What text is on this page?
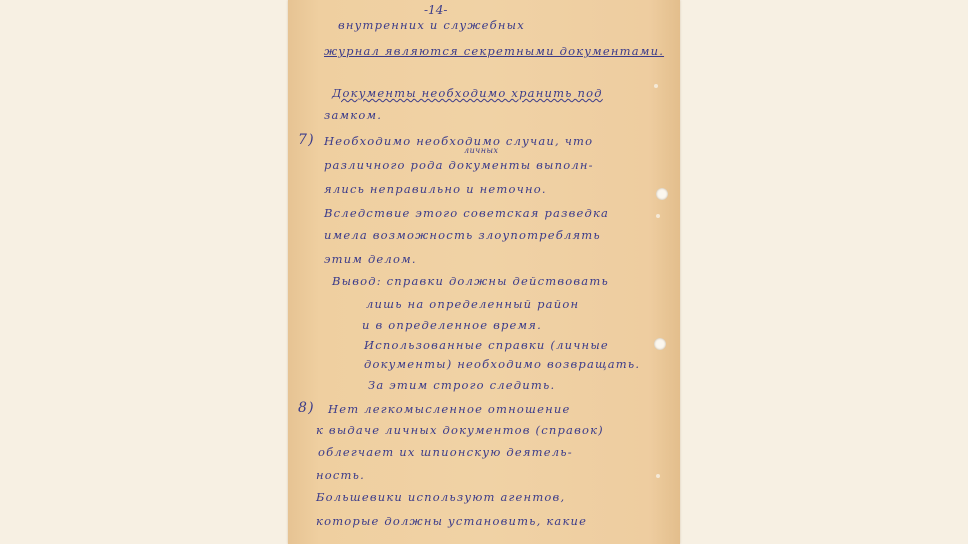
-14-
внутренних и служебных
журнал являются секретными документами.
Документы необходимо хранить под
замком.
7) Необходимо необходимо случаи, что
личных
различного рода документы выполн-
ялись неправильно и неточно.
Вследствие этого советская разведка
имела возможность злоупотреблять
этим делом.
Вывод: справки должны действовать
лишь на определенный район
и в определенное время.
Использованные справки (личные
документы) необходимо возвращать.
За этим строго следить.
8) Нет легкомысленное отношение
к выдаче личных документов (справок)
облегчает их шпионскую деятель-
ность.
Большевики используют агентов,
которые должны установить, какие
